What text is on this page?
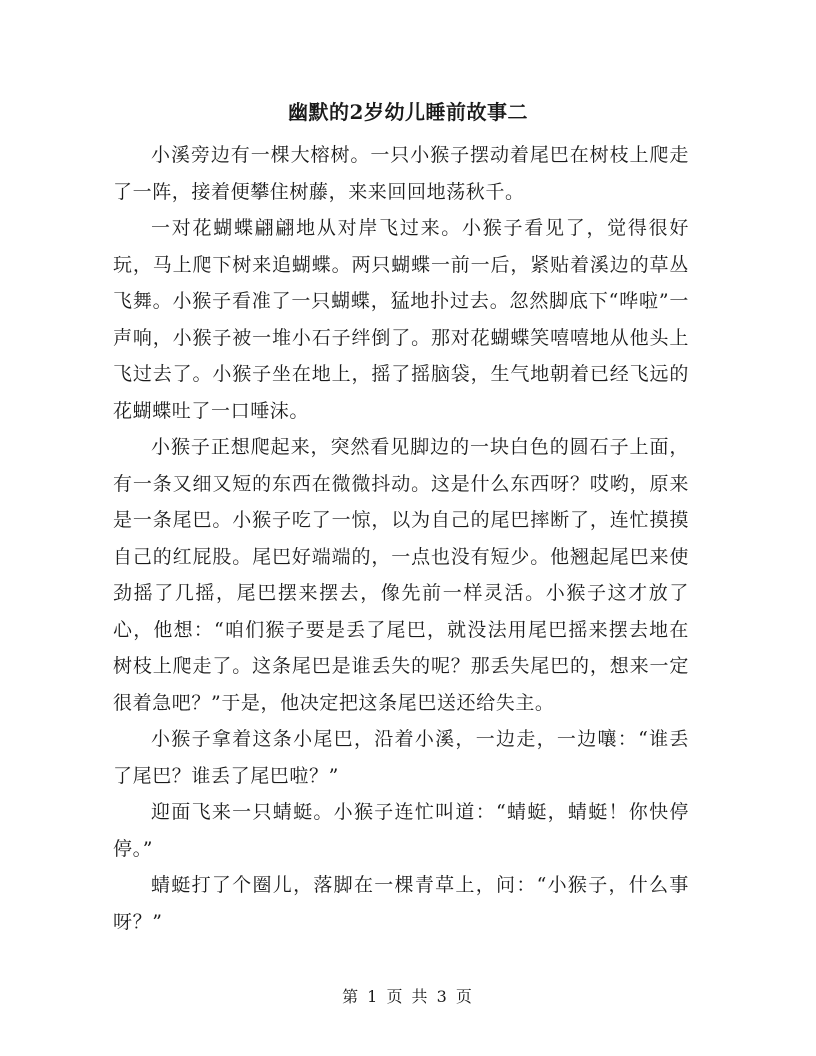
幽默的2岁幼儿睡前故事二

小溪旁边有一棵大榕树。一只小猴子摆动着尾巴在树枝上爬走了一阵，接着便攀住树藤，来来回回地荡秋千。

一对花蝴蝶翩翩地从对岸飞过来。小猴子看见了，觉得很好玩，马上爬下树来追蝴蝶。两只蝴蝶一前一后，紧贴着溪边的草丛飞舞。小猴子看准了一只蝴蝶，猛地扑过去。忽然脚底下“哗啦”一声响，小猴子被一堆小石子绊倒了。那对花蝴蝶笑嘻嘻地从他头上飞过去了。小猴子坐在地上，摇了摇脑袋，生气地朝着已经飞远的花蝴蝶吐了一口唾沫。

小猴子正想爬起来，突然看见脚边的一块白色的圆石子上面，有一条又细又短的东西在微微抖动。这是什么东西呀？哎哟，原来是一条尾巴。小猴子吃了一惊，以为自己的尾巴摔断了，连忙摸摸自己的红屁股。尾巴好端端的，一点也没有短少。他翘起尾巴来使劲摇了几摇，尾巴摆来摆去，像先前一样灵活。小猴子这才放了心，他想：“咱们猴子要是丢了尾巴，就没法用尾巴摇来摆去地在树枝上爬走了。这条尾巴是谁丢失的呢？那丢失尾巴的，想来一定很着急吧？”于是，他决定把这条尾巴送还给失主。

小猴子拿着这条小尾巴，沿着小溪，一边走，一边嚷：“谁丢了尾巴？谁丢了尾巴啦？”

迎面飞来一只蜻蜓。小猴子连忙叫道：“蜻蜓，蜻蜓！你快停停。”

蜻蜓打了个圈儿，落脚在一棵青草上，问：“小猴子，什么事呀？”

第 1 页 共 3 页
